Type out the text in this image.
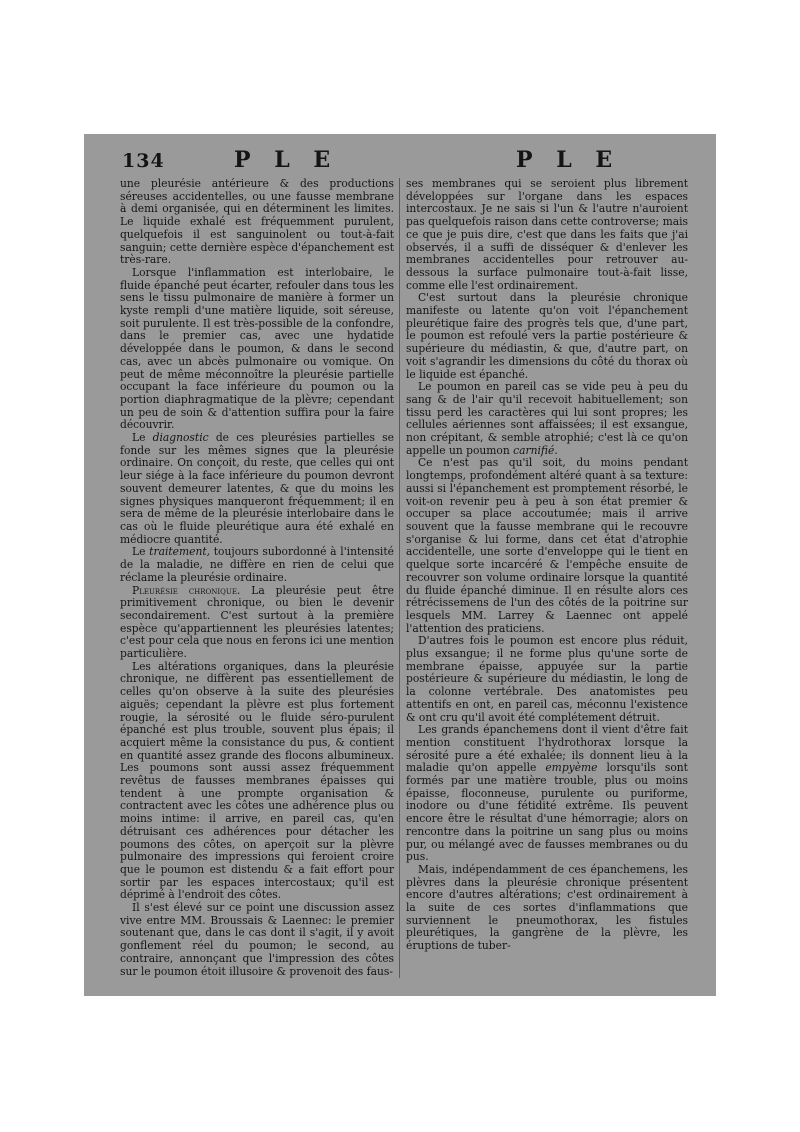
134	P L E	P L E

une pleurésie antérieure & des productions séreuses accidentelles, ou une fausse membrane à demi organisée, qui en déterminent les limites. Le liquide exhalé est fréquemment purulent, quelquefois il est sanguinolent ou tout-à-fait sanguin; cette dernière espèce d'épanchement est très-rare.

Lorsque l'inflammation est interlobaire, le fluide épanché peut écarter, refouler dans tous les sens le tissu pulmonaire de manière à former un kyste rempli d'une matière liquide, soit séreuse, soit purulente. Il est très-possible de la confondre, dans le premier cas, avec une hydatide développée dans le poumon, & dans le second cas, avec un abcès pulmonaire ou vomique. On peut de même méconnoître la pleurésie partielle occupant la face inférieure du poumon ou la portion diaphragmatique de la plèvre; cependant un peu de soin & d'attention suffira pour la faire découvrir.

Le diagnostic de ces pleurésies partielles se fonde sur les mêmes signes que la pleurésie ordinaire. On conçoit, du reste, que celles qui ont leur siége à la face inférieure du poumon devront souvent demeurer latentes, & que du moins les signes physiques manqueront fréquemment; il en sera de même de la pleurésie interlobaire dans le cas où le fluide pleurétique aura été exhalé en médiocre quantité.

Le traitement, toujours subordonné à l'intensité de la maladie, ne diffère en rien de celui que réclame la pleurésie ordinaire.

Pleurésie chronique. La pleurésie peut être primitivement chronique, ou bien le devenir secondairement. C'est surtout à la première espèce qu'appartiennent les pleurésies latentes; c'est pour cela que nous en ferons ici une mention particulière.

Les altérations organiques, dans la pleurésie chronique, ne diffèrent pas essentiellement de celles qu'on observe à la suite des pleurésies aiguës; cependant la plèvre est plus fortement rougie, la sérosité ou le fluide séro-purulent épanché est plus trouble, souvent plus épais; il acquiert même la consistance du pus, & contient en quantité assez grande des flocons albumineux. Les poumons sont aussi assez fréquemment revêtus de fausses membranes épaisses qui tendent à une prompte organisation & contractent avec les côtes une adhérence plus ou moins intime: il arrive, en pareil cas, qu'en détruisant ces adhérences pour détacher les poumons des côtes, on aperçoit sur la plèvre pulmonaire des impressions qui feroient croire que le poumon est distendu & a fait effort pour sortir par les espaces intercostaux; qu'il est déprimé à l'endroit des côtes.

Il s'est élevé sur ce point une discussion assez vive entre MM. Broussais & Laennec: le premier soutenant que, dans le cas dont il s'agit, il y avoit gonflement réel du poumon; le second, au contraire, annonçant que l'impression des côtes sur le poumon étoit illusoire & provenoit des faus-

ses membranes qui se seroient plus librement développées sur l'organe dans les espaces intercostaux. Je ne sais si l'un & l'autre n'auroient pas quelquefois raison dans cette controverse; mais ce que je puis dire, c'est que dans les faits que j'ai observés, il a suffi de disséquer & d'enlever les membranes accidentelles pour retrouver au-dessous la surface pulmonaire tout-à-fait lisse, comme elle l'est ordinairement.

C'est surtout dans la pleurésie chronique manifeste ou latente qu'on voit l'épanchement pleurétique faire des progrès tels que, d'une part, le poumon est refoulé vers la partie postérieure & supérieure du médiastin, & que, d'autre part, on voit s'agrandir les dimensions du côté du thorax où le liquide est épanché.

Le poumon en pareil cas se vide peu à peu du sang & de l'air qu'il recevoit habituellement; son tissu perd les caractères qui lui sont propres; les cellules aériennes sont affaissées; il est exsangue, non crépitant, & semble atrophié; c'est là ce qu'on appelle un poumon carnifié.

Ce n'est pas qu'il soit, du moins pendant longtemps, profondément altéré quant à sa texture: aussi si l'épanchement est promptement résorbé, le voit-on revenir peu à peu à son état premier & occuper sa place accoutumée; mais il arrive souvent que la fausse membrane qui le recouvre s'organise & lui forme, dans cet état d'atrophie accidentelle, une sorte d'enveloppe qui le tient en quelque sorte incarcéré & l'empêche ensuite de recouvrer son volume ordinaire lorsque la quantité du fluide épanché diminue. Il en résulte alors ces rétrécissemens de l'un des côtés de la poitrine sur lesquels MM. Larrey & Laennec ont appelé l'attention des praticiens.

D'autres fois le poumon est encore plus réduit, plus exsangue; il ne forme plus qu'une sorte de membrane épaisse, appuyée sur la partie postérieure & supérieure du médiastin, le long de la colonne vertébrale. Des anatomistes peu attentifs en ont, en pareil cas, méconnu l'existence & ont cru qu'il avoit été complétement détruit.

Les grands épanchemens dont il vient d'être fait mention constituent l'hydrothorax lorsque la sérosité pure a été exhalée; ils donnent lieu à la maladie qu'on appelle empyème lorsqu'ils sont formés par une matière trouble, plus ou moins épaisse, floconneuse, purulente ou puriforme, inodore ou d'une fétidité extrême. Ils peuvent encore être le résultat d'une hémorragie; alors on rencontre dans la poitrine un sang plus ou moins pur, ou mélangé avec de fausses membranes ou du pus.

Mais, indépendamment de ces épanchemens, les plèvres dans la pleurésie chronique présentent encore d'autres altérations; c'est ordinairement à la suite de ces sortes d'inflammations que surviennent le pneumothorax, les fistules pleurétiques, la gangrène de la plèvre, les éruptions de tuber-
